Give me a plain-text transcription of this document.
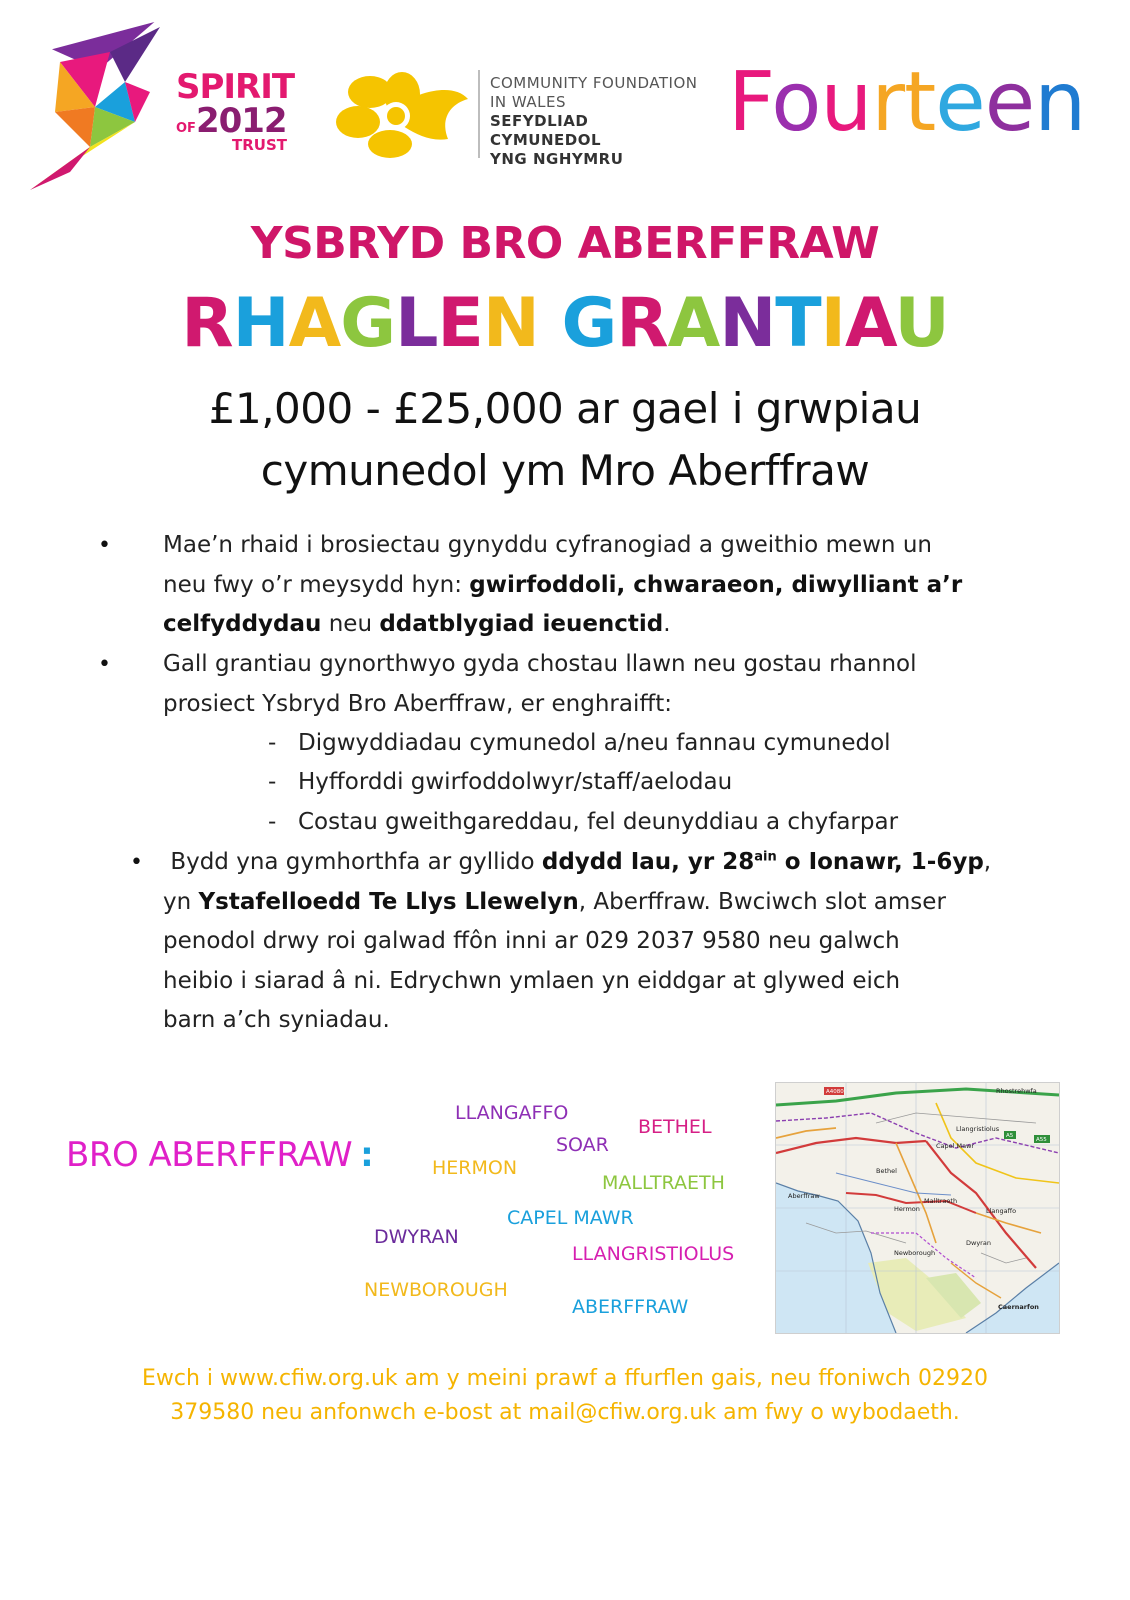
SPIRIT
OF2012
TRUST
COMMUNITY FOUNDATION
IN WALES
SEFYDLIAD CYMUNEDOL
YNG NGHYMRU
Fourteen
YSBRYD BRO ABERFFRAW
RHAGLEN GRANTIAU
£1,000 - £25,000 ar gael i grwpiau
cymunedol ym Mro Aberffraw
• Mae’n rhaid i brosiectau gynyddu cyfranogiad a gweithio mewn un
neu fwy o’r meysydd hyn: gwirfoddoli, chwaraeon, diwylliant a’r
celfyddydau neu ddatblygiad ieuenctid.
• Gall grantiau gynorthwyo gyda chostau llawn neu gostau rhannol
prosiect Ysbryd Bro Aberffraw, er enghraifft:
- Digwyddiadau cymunedol a/neu fannau cymunedol
- Hyfforddi gwirfoddolwyr/staff/aelodau
- Costau gweithgareddau, fel deunyddiau a chyfarpar
•	Bydd yna gymhorthfa ar gyllido ddydd Iau, yr $28^{ain}$ o Ionawr, 1-6yp,
yn Ystafelloedd Te Llys Llewelyn, Aberffraw. Bwciwch slot amser
penodol drwy roi galwad ffôn inni ar 029 2037 9580 neu galwch
heibio i siarad â ni. Edrychwn ymlaen yn eiddgar at glywed eich
barn a’ch syniadau.
BRO ABERFFRAW :
LLANGAFFO
BETHEL
SOAR
HERMON
MALLTRAETH
CAPEL MAWR
DWYRAN
LLANGRISTIOLUS
NEWBOROUGH
ABERFFRAW
Rhostrehwfa
Llangristiolus
Capel Mawr
Bethel
Aberffraw
Malltraeth
Hermon	Llangaffo
Dwyran
Newborough
Caernarfon
A4080
A55
A5
Ewch i www.cfiw.org.uk am y meini prawf a ffurflen gais, neu ffoniwch 02920
379580 neu anfonwch e-bost at mail@cfiw.org.uk am fwy o wybodaeth.
